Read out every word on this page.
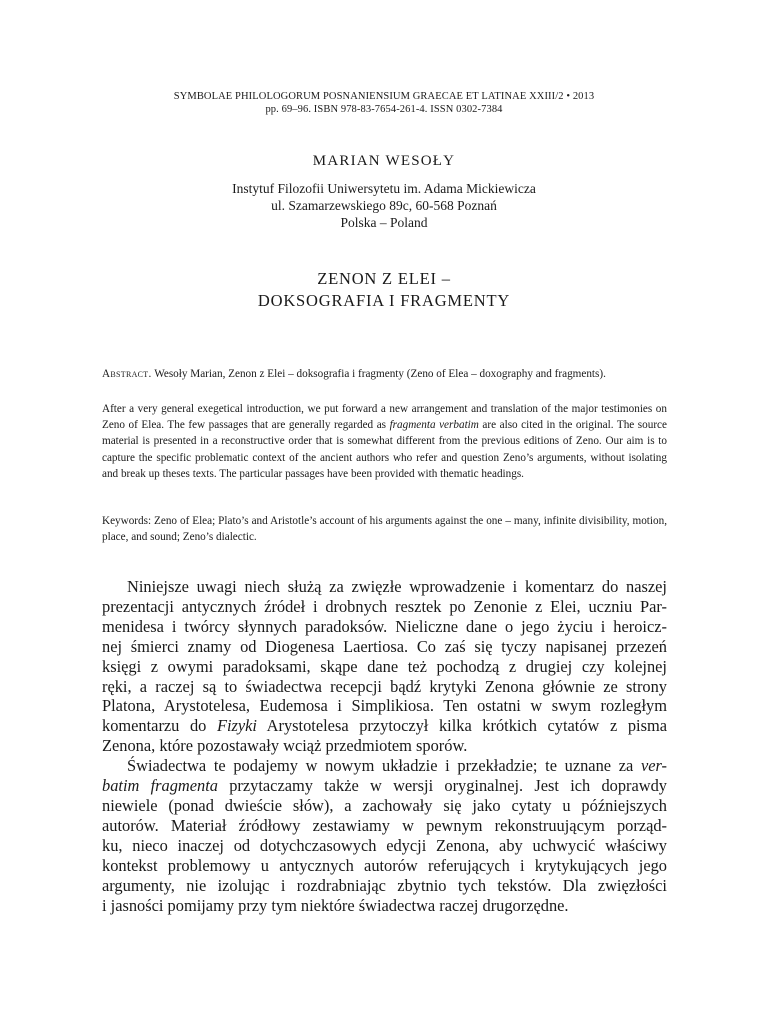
SYMBOLAE PHILOLOGORUM POSNANIENSIUM GRAECAE ET LATINAE XXIII/2 • 2013
pp. 69–96. ISBN 978-83-7654-261-4. ISSN 0302-7384
MARIAN WESOŁY
Instytuf Filozofii Uniwersytetu im. Adama Mickiewicza
ul. Szamarzewskiego 89c, 60-568 Poznań
Polska – Poland
ZENON Z ELEI –
DOKSOGRAFIA I FRAGMENTY
Abstract. Wesoły Marian, Zenon z Elei – doksografia i fragmenty (Zeno of Elea – doxography and fragments).
After a very general exegetical introduction, we put forward a new arrangement and translation of the major testimonies on Zeno of Elea. The few passages that are generally regarded as fragmenta verbatim are also cited in the original. The source material is presented in a reconstructive order that is somewhat different from the previous editions of Zeno. Our aim is to capture the specific problematic context of the ancient authors who refer and question Zeno’s arguments, without isolating and break up theses texts. The particular passages have been provided with thematic headings.
Keywords: Zeno of Elea; Plato’s and Aristotle’s account of his arguments against the one – many, infinite divisibility, motion, place, and sound; Zeno’s dialectic.

Niniejsze uwagi niech służą za zwięzłe wprowadzenie i komentarz do naszej
prezentacji antycznych źródeł i drobnych resztek po Zenonie z Elei, uczniu Par-
menidesa i twórcy słynnych paradoksów. Nieliczne dane o jego życiu i heroicz-
nej śmierci znamy od Diogenesa Laertiosa. Co zaś się tyczy napisanej przezeń
księgi z owymi paradoksami, skąpe dane też pochodzą z drugiej czy kolejnej
ręki, a raczej są to świadectwa recepcji bądź krytyki Zenona głównie ze strony
Platona, Arystotelesa, Eudemosa i Simplikiosa. Ten ostatni w swym rozległym
komentarzu do Fizyki Arystotelesa przytoczył kilka krótkich cytatów z pisma
Zenona, które pozostawały wciąż przedmiotem sporów.

Świadectwa te podajemy w nowym układzie i przekładzie; te uznane za ver-
batim fragmenta przytaczamy także w wersji oryginalnej. Jest ich doprawdy
niewiele (ponad dwieście słów), a zachowały się jako cytaty u późniejszych
autorów. Materiał źródłowy zestawiamy w pewnym rekonstruującym porząd-
ku, nieco inaczej od dotychczasowych edycji Zenona, aby uchwycić właściwy
kontekst problemowy u antycznych autorów referujących i krytykujących jego
argumenty, nie izolując i rozdrabniając zbytnio tych tekstów. Dla zwięzłości
i jasności pomijamy przy tym niektóre świadectwa raczej drugorzędne.
